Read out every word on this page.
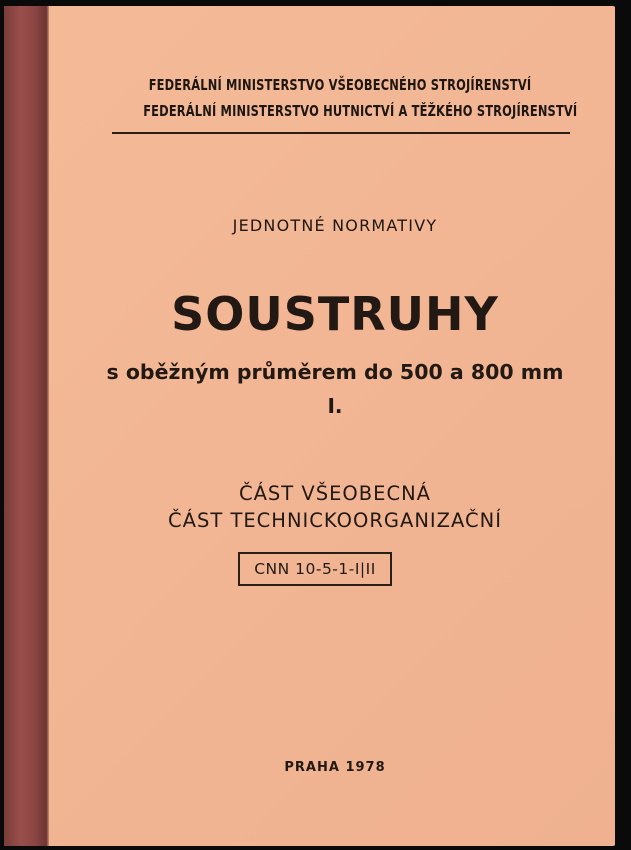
FEDERÁLNÍ MINISTERSTVO VŠEOBECNÉHO STROJÍRENSTVÍ
FEDERÁLNÍ MINISTERSTVO HUTNICTVÍ A TĚŽKÉHO STROJÍRENSTVÍ
JEDNOTNÉ NORMATIVY
SOUSTRUHY
s oběžným průměrem do 500 a 800 mm
I.
ČÁST VŠEOBECNÁ
ČÁST TECHNICKOORGANIZAČNÍ
CNN 10-5-1-I|II
PRAHA 1978
